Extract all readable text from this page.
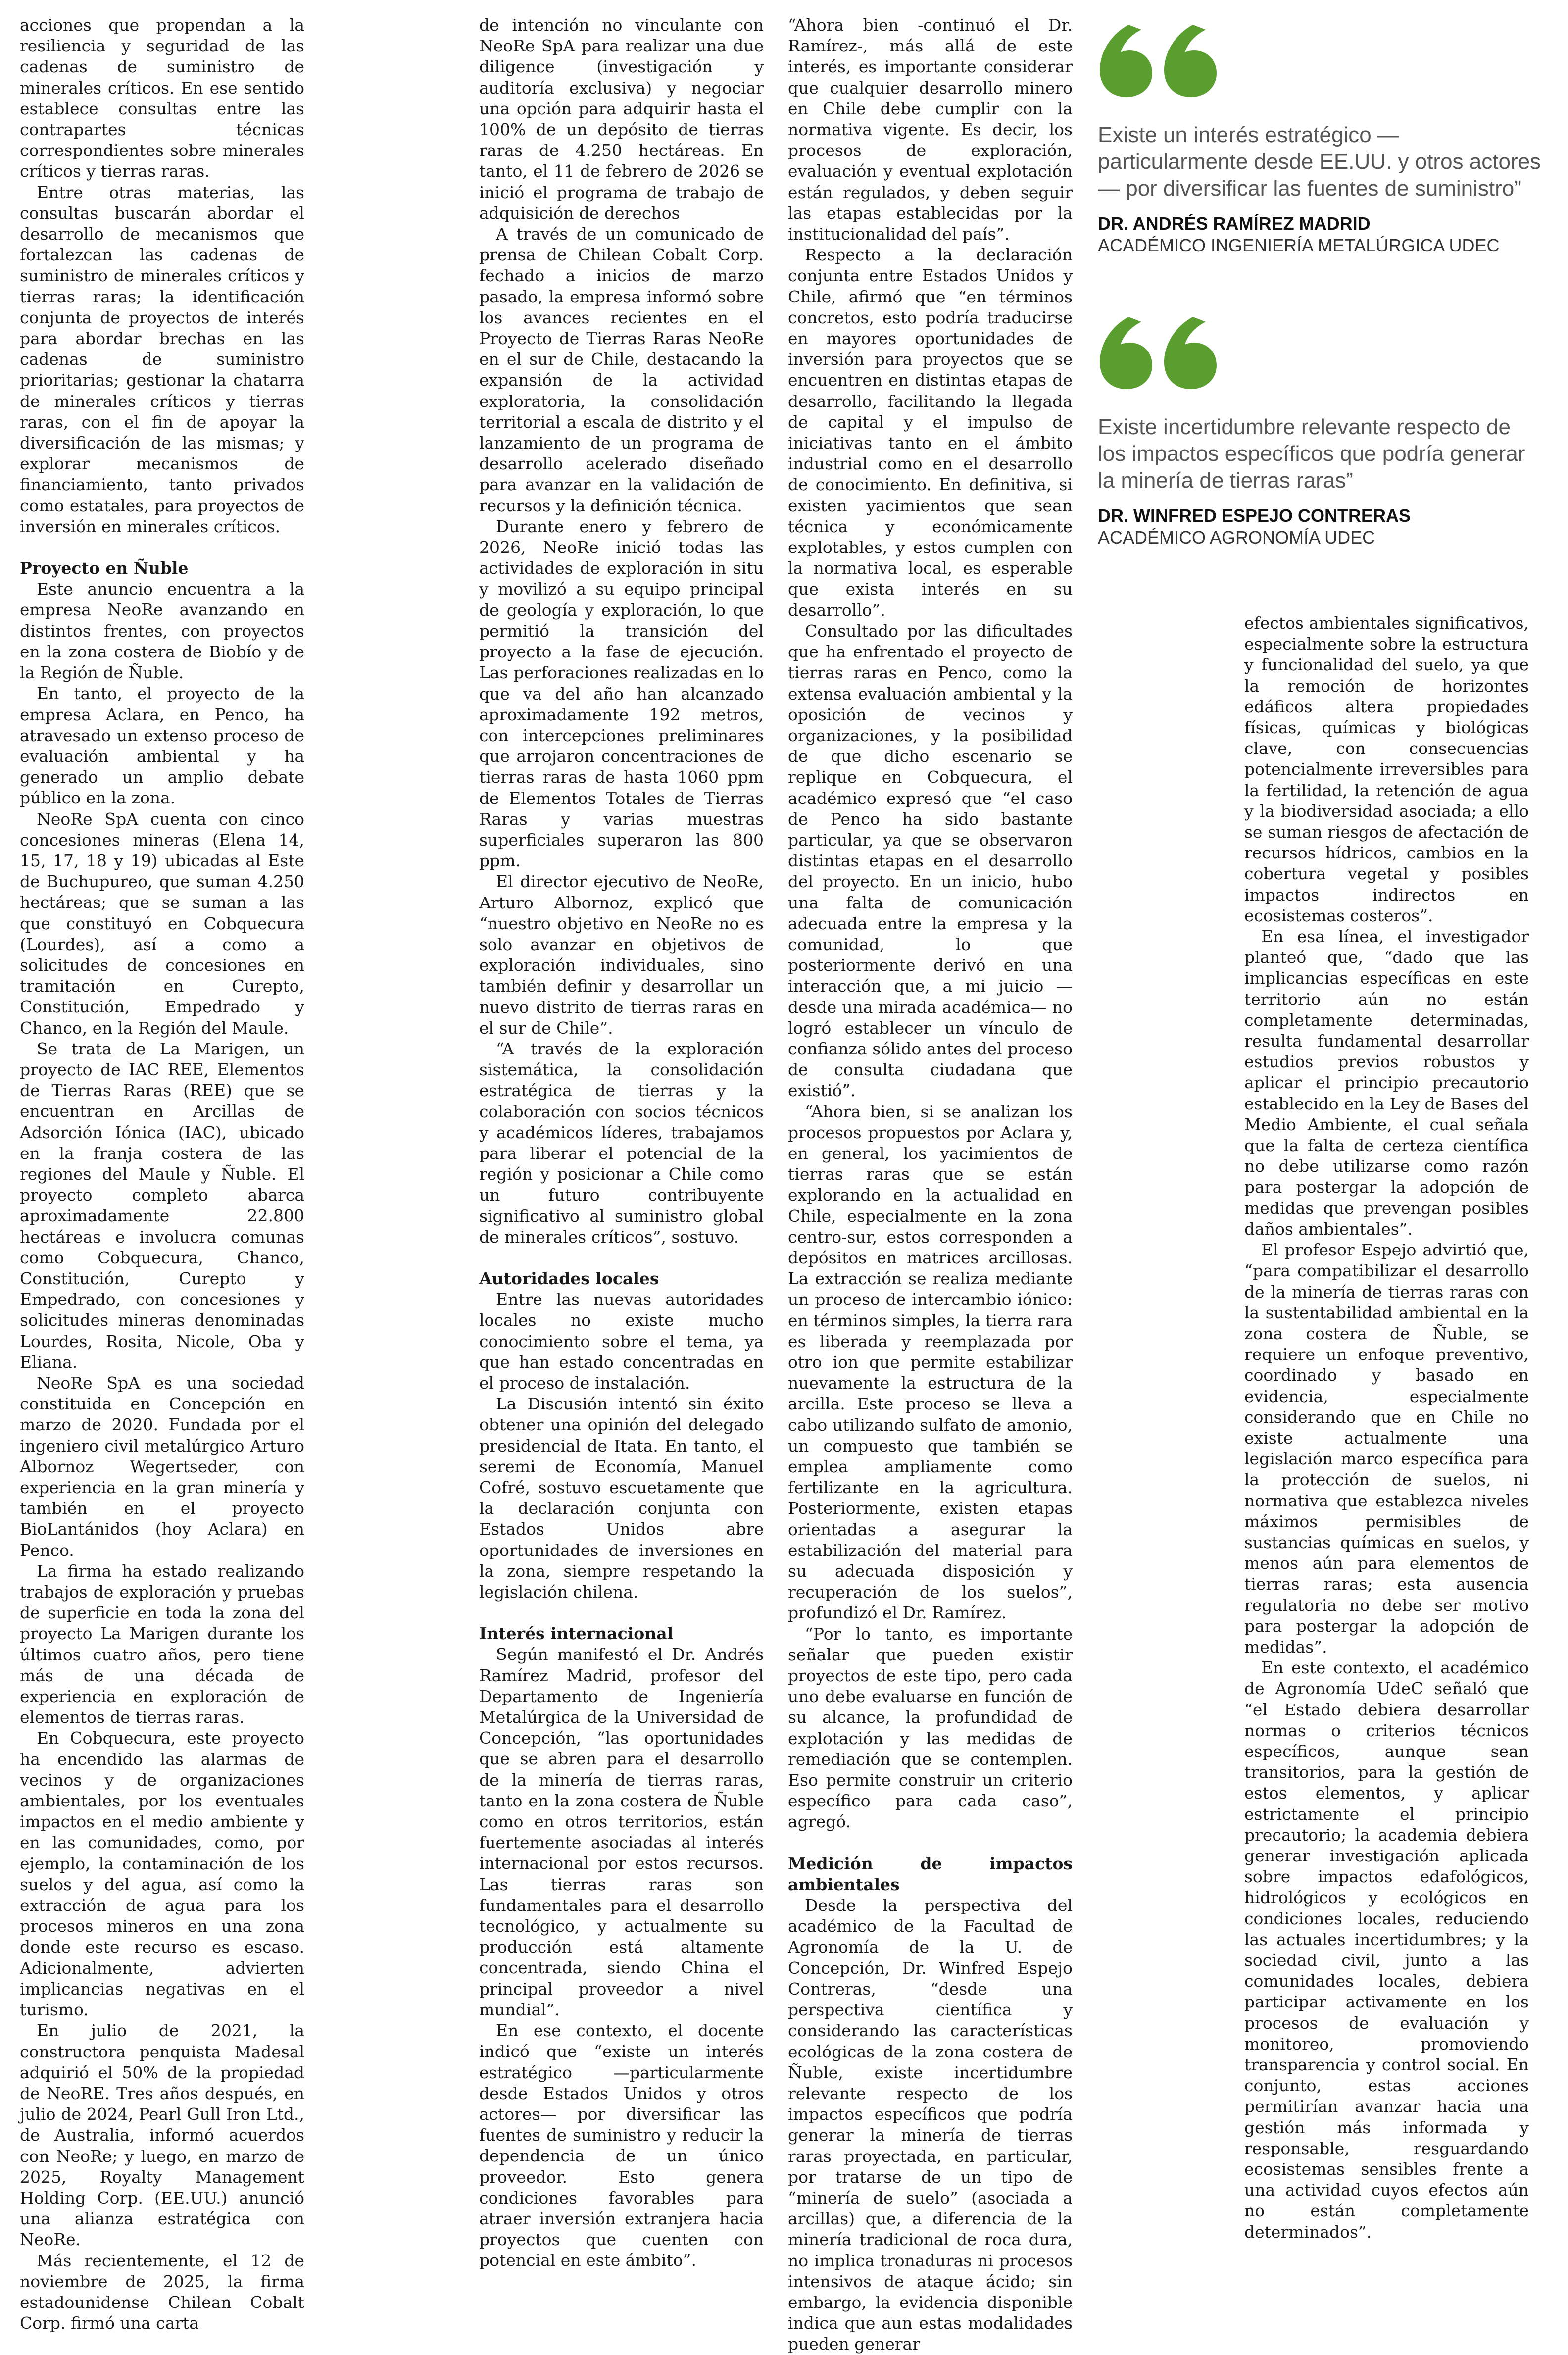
acciones que propendan a la resiliencia y seguridad de las cadenas de suministro de minerales críticos. En ese sentido establece consultas entre las contrapartes técnicas correspondientes sobre minerales críticos y tierras raras.

Entre otras materias, las consultas buscarán abordar el desarrollo de mecanismos que fortalezcan las cadenas de suministro de minerales críticos y tierras raras; la identificación conjunta de proyectos de interés para abordar brechas en las cadenas de suministro prioritarias; gestionar la chatarra de minerales críticos y tierras raras, con el fin de apoyar la diversificación de las mismas; y explorar mecanismos de financiamiento, tanto privados como estatales, para proyectos de inversión en minerales críticos.

Proyecto en Ñuble

Este anuncio encuentra a la empresa NeoRe avanzando en distintos frentes, con proyectos en la zona costera de Biobío y de la Región de Ñuble.

En tanto, el proyecto de la empresa Aclara, en Penco, ha atravesado un extenso proceso de evaluación ambiental y ha generado un amplio debate público en la zona.

NeoRe SpA cuenta con cinco concesiones mineras (Elena 14, 15, 17, 18 y 19) ubicadas al Este de Buchupureo, que suman 4.250 hectáreas; que se suman a las que constituyó en Cobquecura (Lourdes), así a como a solicitudes de concesiones en tramitación en Curepto, Constitución, Empedrado y Chanco, en la Región del Maule.

Se trata de La Marigen, un proyecto de IAC REE, Elementos de Tierras Raras (REE) que se encuentran en Arcillas de Adsorción Iónica (IAC), ubicado en la franja costera de las regiones del Maule y Ñuble. El proyecto completo abarca aproximadamente 22.800 hectáreas e involucra comunas como Cobquecura, Chanco, Constitución, Curepto y Empedrado, con concesiones y solicitudes mineras denominadas Lourdes, Rosita, Nicole, Oba y Eliana.

NeoRe SpA es una sociedad constituida en Concepción en marzo de 2020. Fundada por el ingeniero civil metalúrgico Arturo Albornoz Wegertseder, con experiencia en la gran minería y también en el proyecto BioLantánidos (hoy Aclara) en Penco.

La firma ha estado realizando trabajos de exploración y pruebas de superficie en toda la zona del proyecto La Marigen durante los últimos cuatro años, pero tiene más de una década de experiencia en exploración de elementos de tierras raras.

En Cobquecura, este proyecto ha encendido las alarmas de vecinos y de organizaciones ambientales, por los eventuales impactos en el medio ambiente y en las comunidades, como, por ejemplo, la contaminación de los suelos y del agua, así como la extracción de agua para los procesos mineros en una zona donde este recurso es escaso. Adicionalmente, advierten implicancias negativas en el turismo.

En julio de 2021, la constructora penquista Madesal adquirió el 50% de la propiedad de NeoRE. Tres años después, en julio de 2024, Pearl Gull Iron Ltd., de Australia, informó acuerdos con NeoRe; y luego, en marzo de 2025, Royalty Management Holding Corp. (EE.UU.) anunció una alianza estratégica con NeoRe.

Más recientemente, el 12 de noviembre de 2025, la firma estadounidense Chilean Cobalt Corp. firmó una carta

de intención no vinculante con NeoRe SpA para realizar una due diligence (investigación y auditoría exclusiva) y negociar una opción para adquirir hasta el 100% de un depósito de tierras raras de 4.250 hectáreas. En tanto, el 11 de febrero de 2026 se inició el programa de trabajo de adquisición de derechos

A través de un comunicado de prensa de Chilean Cobalt Corp. fechado a inicios de marzo pasado, la empresa informó sobre los avances recientes en el Proyecto de Tierras Raras NeoRe en el sur de Chile, destacando la expansión de la actividad exploratoria, la consolidación territorial a escala de distrito y el lanzamiento de un programa de desarrollo acelerado diseñado para avanzar en la validación de recursos y la definición técnica.

Durante enero y febrero de 2026, NeoRe inició todas las actividades de exploración in situ y movilizó a su equipo principal de geología y exploración, lo que permitió la transición del proyecto a la fase de ejecución. Las perforaciones realizadas en lo que va del año han alcanzado aproximadamente 192 metros, con intercepciones preliminares que arrojaron concentraciones de tierras raras de hasta 1060 ppm de Elementos Totales de Tierras Raras y varias muestras superficiales superaron las 800 ppm.

El director ejecutivo de NeoRe, Arturo Albornoz, explicó que “nuestro objetivo en NeoRe no es solo avanzar en objetivos de exploración individuales, sino también definir y desarrollar un nuevo distrito de tierras raras en el sur de Chile”.

“A través de la exploración sistemática, la consolidación estratégica de tierras y la colaboración con socios técnicos y académicos líderes, trabajamos para liberar el potencial de la región y posicionar a Chile como un futuro contribuyente significativo al suministro global de minerales críticos”, sostuvo.

Autoridades locales

Entre las nuevas autoridades locales no existe mucho conocimiento sobre el tema, ya que han estado concentradas en el proceso de instalación.

La Discusión intentó sin éxito obtener una opinión del delegado presidencial de Itata. En tanto, el seremi de Economía, Manuel Cofré, sostuvo escuetamente que la declaración conjunta con Estados Unidos abre oportunidades de inversiones en la zona, siempre respetando la legislación chilena.

Interés internacional

Según manifestó el Dr. Andrés Ramírez Madrid, profesor del Departamento de Ingeniería Metalúrgica de la Universidad de Concepción, “las oportunidades que se abren para el desarrollo de la minería de tierras raras, tanto en la zona costera de Ñuble como en otros territorios, están fuertemente asociadas al interés internacional por estos recursos. Las tierras raras son fundamentales para el desarrollo tecnológico, y actualmente su producción está altamente concentrada, siendo China el principal proveedor a nivel mundial”.

En ese contexto, el docente indicó que “existe un interés estratégico —particularmente desde Estados Unidos y otros actores— por diversificar las fuentes de suministro y reducir la dependencia de un único proveedor. Esto genera condiciones favorables para atraer inversión extranjera hacia proyectos que cuenten con potencial en este ámbito”.

“Ahora bien -continuó el Dr. Ramírez-, más allá de este interés, es importante considerar que cualquier desarrollo minero en Chile debe cumplir con la normativa vigente. Es decir, los procesos de exploración, evaluación y eventual explotación están regulados, y deben seguir las etapas establecidas por la institucionalidad del país”.

Respecto a la declaración conjunta entre Estados Unidos y Chile, afirmó que “en términos concretos, esto podría traducirse en mayores oportunidades de inversión para proyectos que se encuentren en distintas etapas de desarrollo, facilitando la llegada de capital y el impulso de iniciativas tanto en el ámbito industrial como en el desarrollo de conocimiento. En definitiva, si existen yacimientos que sean técnica y económicamente explotables, y estos cumplen con la normativa local, es esperable que exista interés en su desarrollo”.

Consultado por las dificultades que ha enfrentado el proyecto de tierras raras en Penco, como la extensa evaluación ambiental y la oposición de vecinos y organizaciones, y la posibilidad de que dicho escenario se replique en Cobquecura, el académico expresó que “el caso de Penco ha sido bastante particular, ya que se observaron distintas etapas en el desarrollo del proyecto. En un inicio, hubo una falta de comunicación adecuada entre la empresa y la comunidad, lo que posteriormente derivó en una interacción que, a mi juicio —desde una mirada académica— no logró establecer un vínculo de confianza sólido antes del proceso de consulta ciudadana que existió”.

“Ahora bien, si se analizan los procesos propuestos por Aclara y, en general, los yacimientos de tierras raras que se están explorando en la actualidad en Chile, especialmente en la zona centro-sur, estos corresponden a depósitos en matrices arcillosas. La extracción se realiza mediante un proceso de intercambio iónico: en términos simples, la tierra rara es liberada y reemplazada por otro ion que permite estabilizar nuevamente la estructura de la arcilla. Este proceso se lleva a cabo utilizando sulfato de amonio, un compuesto que también se emplea ampliamente como fertilizante en la agricultura. Posteriormente, existen etapas orientadas a asegurar la estabilización del material para su adecuada disposición y recuperación de los suelos”, profundizó el Dr. Ramírez.

“Por lo tanto, es importante señalar que pueden existir proyectos de este tipo, pero cada uno debe evaluarse en función de su alcance, la profundidad de explotación y las medidas de remediación que se contemplen. Eso permite construir un criterio específico para cada caso”, agregó.

Medición de impactos ambientales

Desde la perspectiva del académico de la Facultad de Agronomía de la U. de Concepción, Dr. Winfred Espejo Contreras, “desde una perspectiva científica y considerando las características ecológicas de la zona costera de Ñuble, existe incertidumbre relevante respecto de los impactos específicos que podría generar la minería de tierras raras proyectada, en particular, por tratarse de un tipo de “minería de suelo” (asociada a arcillas) que, a diferencia de la minería tradicional de roca dura, no implica tronaduras ni procesos intensivos de ataque ácido; sin embargo, la evidencia disponible indica que aun estas modalidades pueden generar

Existe un interés estratégico —particularmente desde EE.UU. y otros actores— por diversificar las fuentes de suministro”
DR. ANDRÉS RAMÍREZ MADRID
ACADÉMICO INGENIERÍA METALÚRGICA UDEC
Existe incertidumbre relevante respecto de los impactos específicos que podría generar la minería de tierras raras”
DR. WINFRED ESPEJO CONTRERAS
ACADÉMICO AGRONOMÍA UDEC

efectos ambientales significativos, especialmente sobre la estructura y funcionalidad del suelo, ya que la remoción de horizontes edáficos altera propiedades físicas, químicas y biológicas clave, con consecuencias potencialmente irreversibles para la fertilidad, la retención de agua y la biodiversidad asociada; a ello se suman riesgos de afectación de recursos hídricos, cambios en la cobertura vegetal y posibles impactos indirectos en ecosistemas costeros”.

En esa línea, el investigador planteó que, “dado que las implicancias específicas en este territorio aún no están completamente determinadas, resulta fundamental desarrollar estudios previos robustos y aplicar el principio precautorio establecido en la Ley de Bases del Medio Ambiente, el cual señala que la falta de certeza científica no debe utilizarse como razón para postergar la adopción de medidas que prevengan posibles daños ambientales”.

El profesor Espejo advirtió que, “para compatibilizar el desarrollo de la minería de tierras raras con la sustentabilidad ambiental en la zona costera de Ñuble, se requiere un enfoque preventivo, coordinado y basado en evidencia, especialmente considerando que en Chile no existe actualmente una legislación marco específica para la protección de suelos, ni normativa que establezca niveles máximos permisibles de sustancias químicas en suelos, y menos aún para elementos de tierras raras; esta ausencia regulatoria no debe ser motivo para postergar la adopción de medidas”.

En este contexto, el académico de Agronomía UdeC señaló que “el Estado debiera desarrollar normas o criterios técnicos específicos, aunque sean transitorios, para la gestión de estos elementos, y aplicar estrictamente el principio precautorio; la academia debiera generar investigación aplicada sobre impactos edafológicos, hidrológicos y ecológicos en condiciones locales, reduciendo las actuales incertidumbres; y la sociedad civil, junto a las comunidades locales, debiera participar activamente en los procesos de evaluación y monitoreo, promoviendo transparencia y control social. En conjunto, estas acciones permitirían avanzar hacia una gestión más informada y responsable, resguardando ecosistemas sensibles frente a una actividad cuyos efectos aún no están completamente determinados”.
